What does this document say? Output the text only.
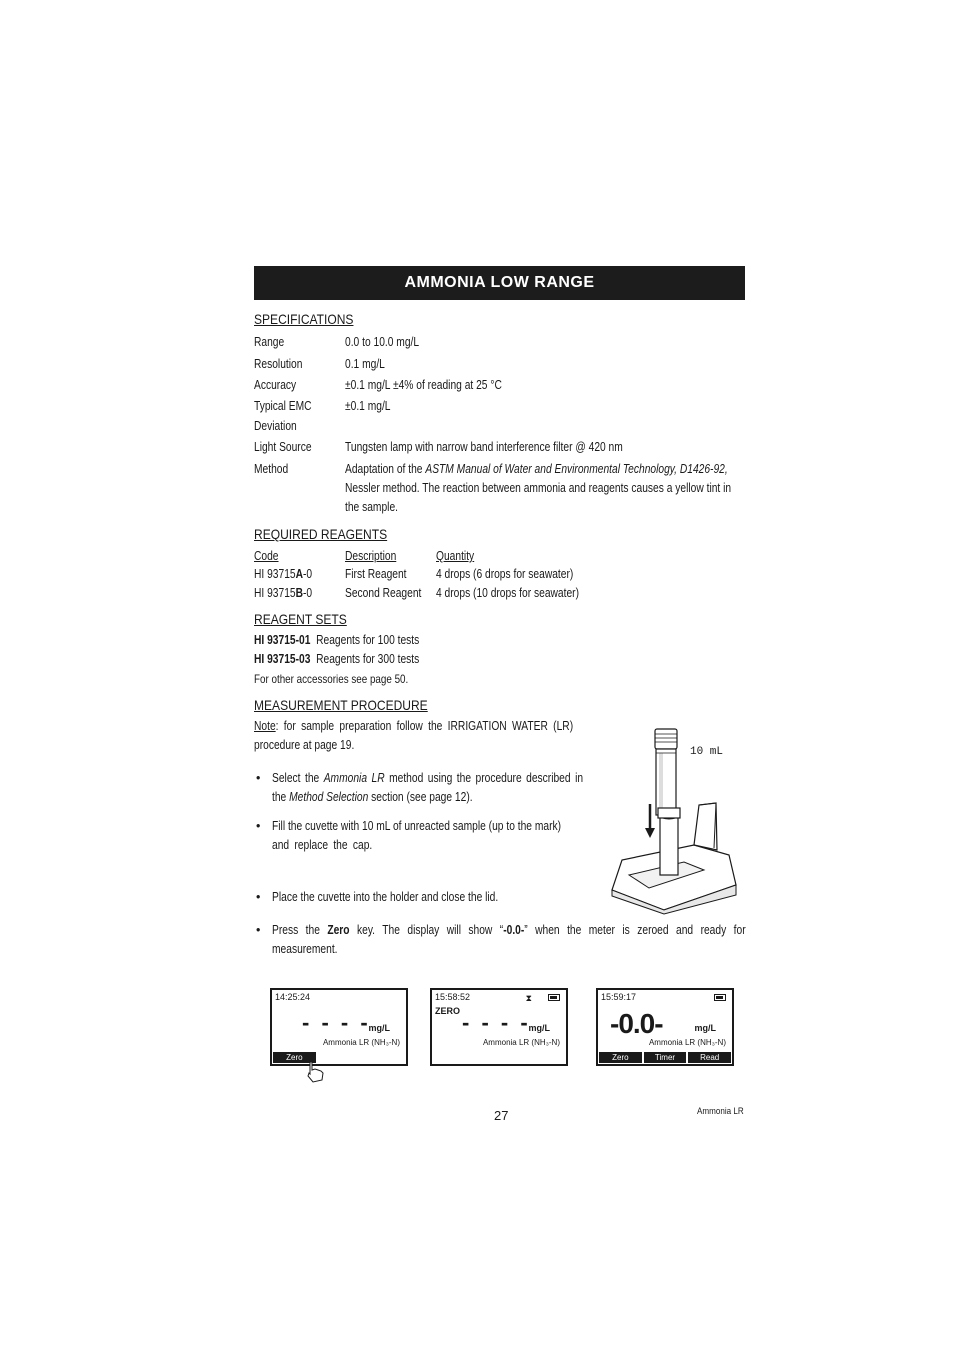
AMMONIA LOW RANGE
SPECIFICATIONS
Range	0.0 to 10.0 mg/L
Resolution	0.1 mg/L
Accuracy	±0.1 mg/L ±4% of reading at 25 °C
Typical EMC	±0.1 mg/L
Deviation
Light Source	Tungsten lamp with narrow band interference filter @ 420 nm
Method	Adaptation of the ASTM Manual of Water and Environmental Technology, D1426-92,
Nessler method. The reaction between ammonia and reagents causes a yellow tint in
the sample.
REQUIRED REAGENTS
Code	Description	Quantity
HI 93715A-0	First Reagent 4 drops (6 drops for seawater)
HI 93715B-0	Second Reagent 4 drops (10 drops for seawater)
REAGENT SETS
HI 93715-01 Reagents for 100 tests
HI 93715-03 Reagents for 300 tests
For other accessories see page 50.
MEASUREMENT PROCEDURE
Note: for sample preparation follow the IRRIGATION WATER (LR)
procedure at page 19.
• Select the Ammonia LR method using the procedure described in
the Method Selection section (see page 12).
• Fill the cuvette with 10 mL of unreacted sample (up to the mark)
and replace the cap.
• Place the cuvette into the holder and close the lid.
• Press the Zero key. The display will show “-0.0-” when the meter is zeroed and ready for
measurement.
10 mL
14:25:24
- - - -
mg/L
Ammonia LR (NH₃-N)
Zero
15:58:52	⧗
ZERO - - - -
mg/L
Ammonia LR (NH₃-N)
15:59:17
-0.0-	mg/L
Ammonia LR (NH₃-N)
Zero	Timer	Read
27	Ammonia LR
